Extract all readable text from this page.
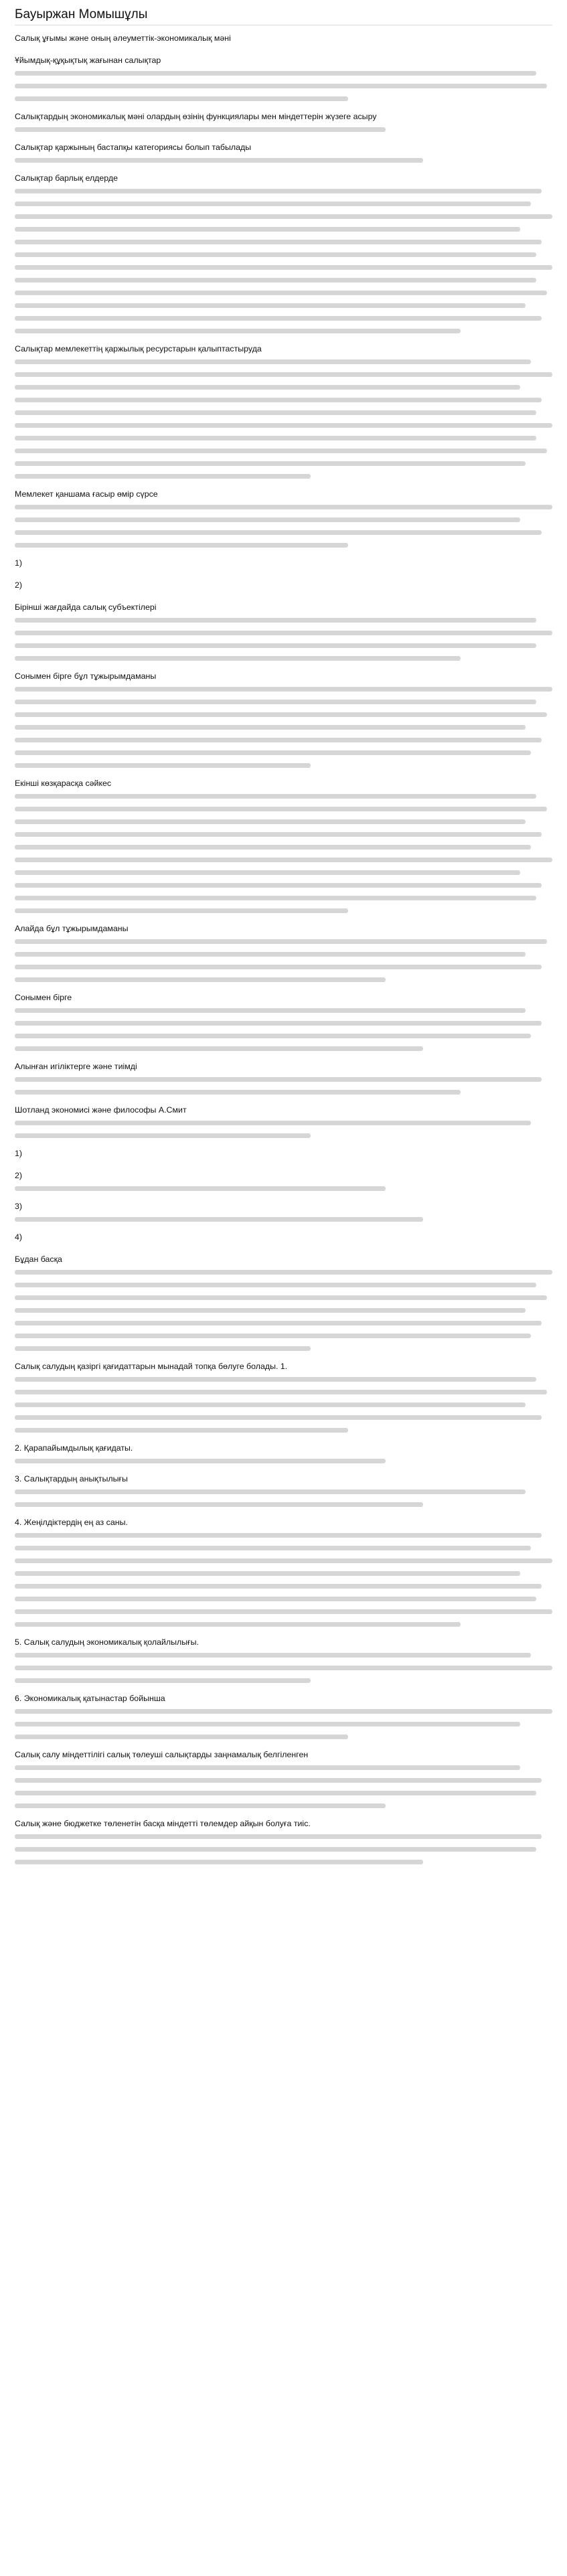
Бауыржан Момышұлы
Салық ұғымы және оның әлеуметтік-экономикалық мәні
Ұйымдық-құқықтық жағынан салықтар
Салықтардың экономикалық мәні олардың өзінің функциялары мен міндеттерін жүзеге асыру
Салықтар қаржының бастапқы категориясы болып табылады
Салықтар барлық елдерде
Салықтар мемлекеттің қаржылық ресурстарын қалыптастыруда
Мемлекет қаншама ғасыр өмір сүрсе
1)
2)
Бірінші жағдайда салық субъектілері
Сонымен бірге бұл тұжырымдаманы
Екінші көзқарасқа сәйкес
Алайда бұл тұжырымдаманы
Сонымен бірге
Алынған игіліктерге және тиімді
Шотланд экономисі және философы А.Смит
1)
2)
3)
4)
Бұдан басқа
Салық салудың қазіргі қағидаттарын мынадай топқа бөлуге болады. 1.
2. Қарапайымдылық қағидаты.
3. Салықтардың анықтылығы
4. Жеңілдіктердің ең аз саны.
5. Салық салудың экономикалық қолайлылығы.
6. Экономикалық қатынастар бойынша
Салық салу міндеттілігі салық төлеуші салықтарды заңнамалық белгіленген
Салық және бюджетке төленетін басқа міндетті төлемдер айқын болуға тиіс.
